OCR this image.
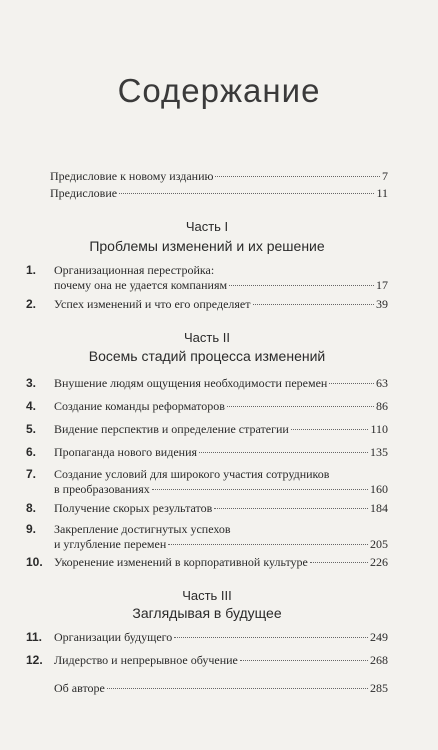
Содержание
Предисловие к новому изданию	7
Предисловие	11
Часть I
Проблемы изменений и их решение
1.	Организационная перестройка:
почему она не удается компаниям	17
2.	Успех изменений и что его определяет	39
Часть II
Восемь стадий процесса изменений
3.	Внушение людям ощущения необходимости перемен	63
4.	Создание команды реформаторов	86
5.	Видение перспектив и определение стратегии	110
6.	Пропаганда нового видения	135
7.	Создание условий для широкого участия сотрудников
в преобразованиях	160
8.	Получение скорых результатов	184
9.	Закрепление достигнутых успехов
и углубление перемен	205
10. Укоренение изменений в корпоративной культуре	226
Часть III
Заглядывая в будущее
11. Организации будущего	249
12. Лидерство и непрерывное обучение	268
Об авторе	285
